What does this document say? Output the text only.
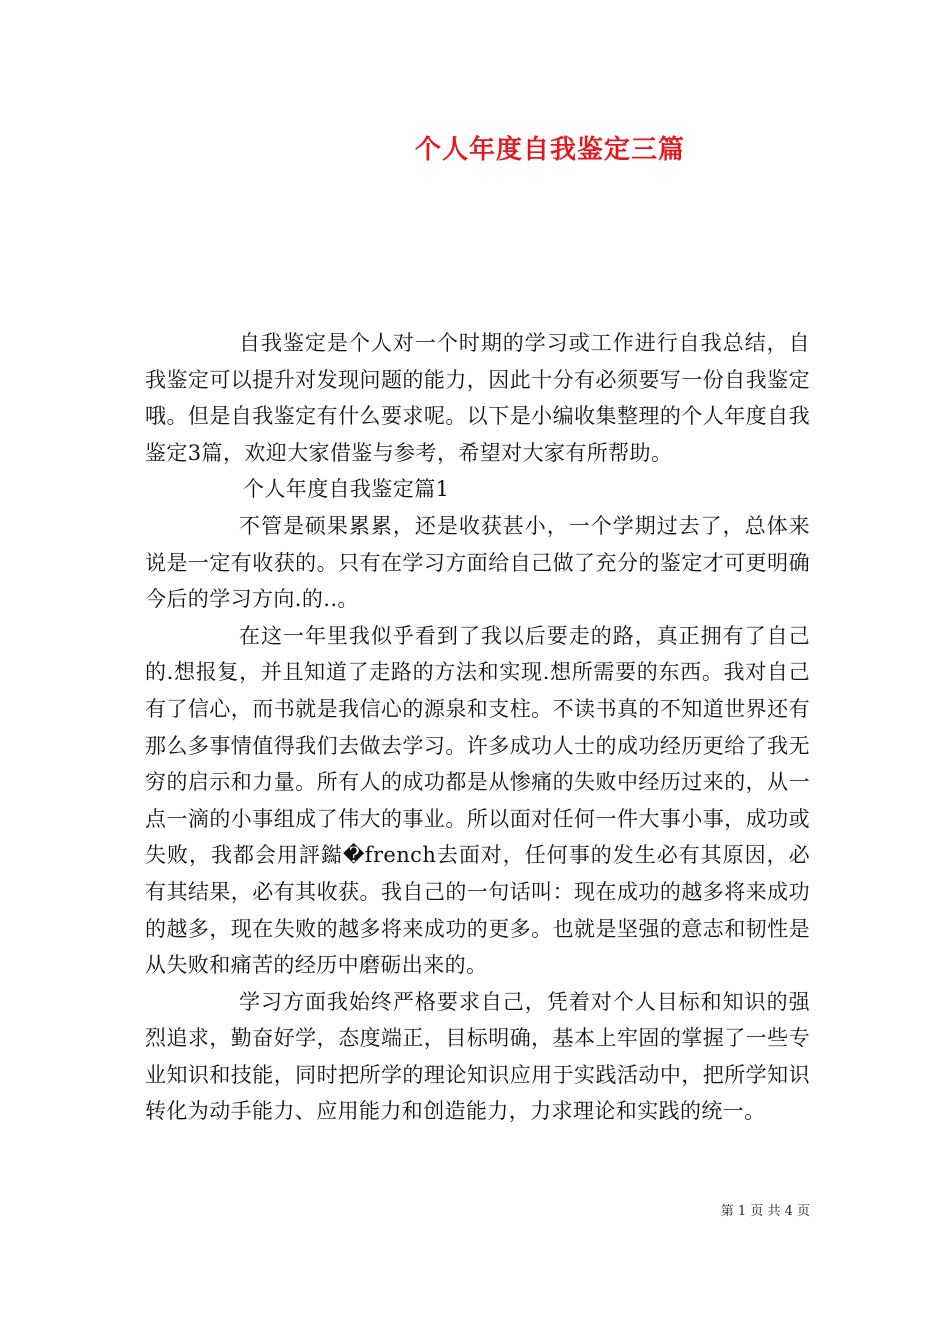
个人年度自我鉴定三篇

自我鉴定是个人对一个时期的学习或工作进行自我总结，自我鉴定可以提升对发现问题的能力，因此十分有必须要写一份自我鉴定哦。但是自我鉴定有什么要求呢。以下是小编收集整理的个人年度自我鉴定3篇，欢迎大家借鉴与参考，希望对大家有所帮助。

个人年度自我鉴定篇1

不管是硕果累累，还是收获甚小，一个学期过去了，总体来说是一定有收获的。只有在学习方面给自己做了充分的鉴定才可更明确今后的学习方向.的..。

在这一年里我似乎看到了我以后要走的路，真正拥有了自己的.想报复，并且知道了走路的方法和实现.想所需要的东西。我对自己有了信心，而书就是我信心的源泉和支柱。不读书真的不知道世界还有那么多事情值得我们去做去学习。许多成功人士的成功经历更给了我无穷的启示和力量。所有人的成功都是从惨痛的失败中经历过来的，从一点一滴的小事组成了伟大的事业。所以面对任何一件大事小事，成功或失败，我都会用評鐑�french去面对，任何事的发生必有其原因，必有其结果，必有其收获。我自己的一句话叫：现在成功的越多将来成功的越多，现在失败的越多将来成功的更多。也就是坚强的意志和韧性是从失败和痛苦的经历中磨砺出来的。

学习方面我始终严格要求自己，凭着对个人目标和知识的强烈追求，勤奋好学，态度端正，目标明确，基本上牢固的掌握了一些专业知识和技能，同时把所学的理论知识应用于实践活动中，把所学知识转化为动手能力、应用能力和创造能力，力求理论和实践的统一。

第 1 页 共 4 页
